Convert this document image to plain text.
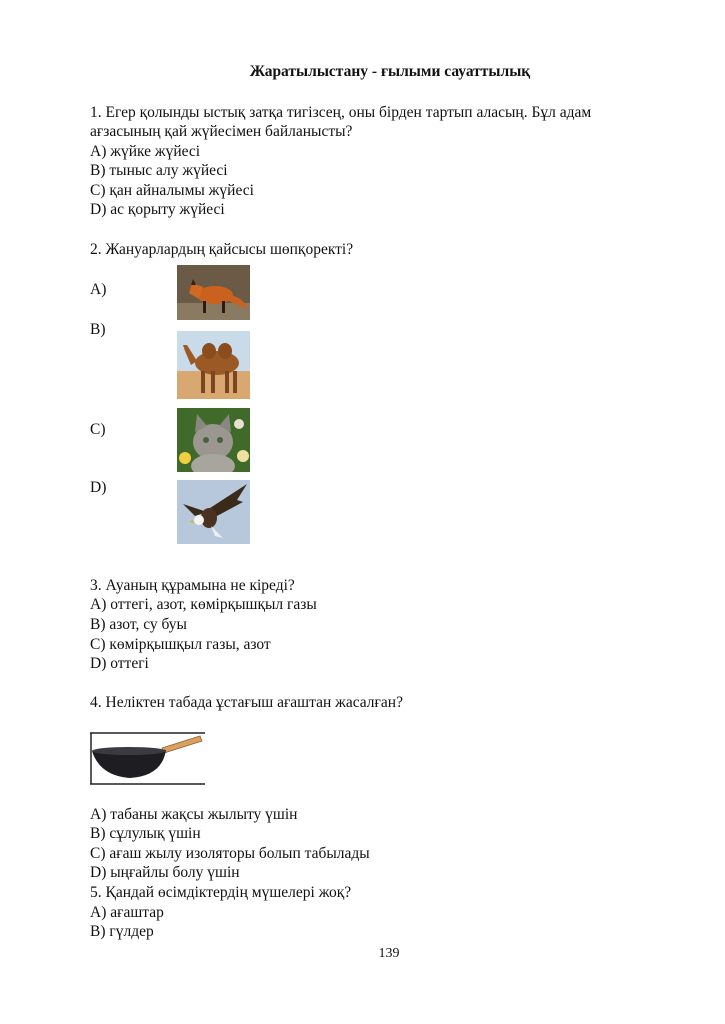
Жаратылыстану - ғылыми сауаттылық
1. Егер қолынды ыстық затқа тигізсең, оны бірден тартып аласың. Бұл адам
ағзасының қай жүйесімен байланысты?
A) жүйке жүйесі
B) тыныс алу жүйесі
C) қан айналымы жүйесі
D) ас қорыту жүйесі
2. Жануарлардың қайсысы шөпқоректі?
A)
B)
C)
D)
3. Ауаның құрамына не кіреді?
A) оттегі, азот, көмірқышқыл газы
B) азот, су буы
C) көмірқышқыл газы, азот
D) оттегі
4. Неліктен табада ұстағыш ағаштан жасалған?
A) табаны жақсы жылыту үшін
B) сұлулық үшін
C) ағаш жылу изоляторы болып табылады
D) ыңғайлы болу үшін
5. Қандай өсімдіктердің мүшелері жоқ?
A) ағаштар
B) гүлдер
139
